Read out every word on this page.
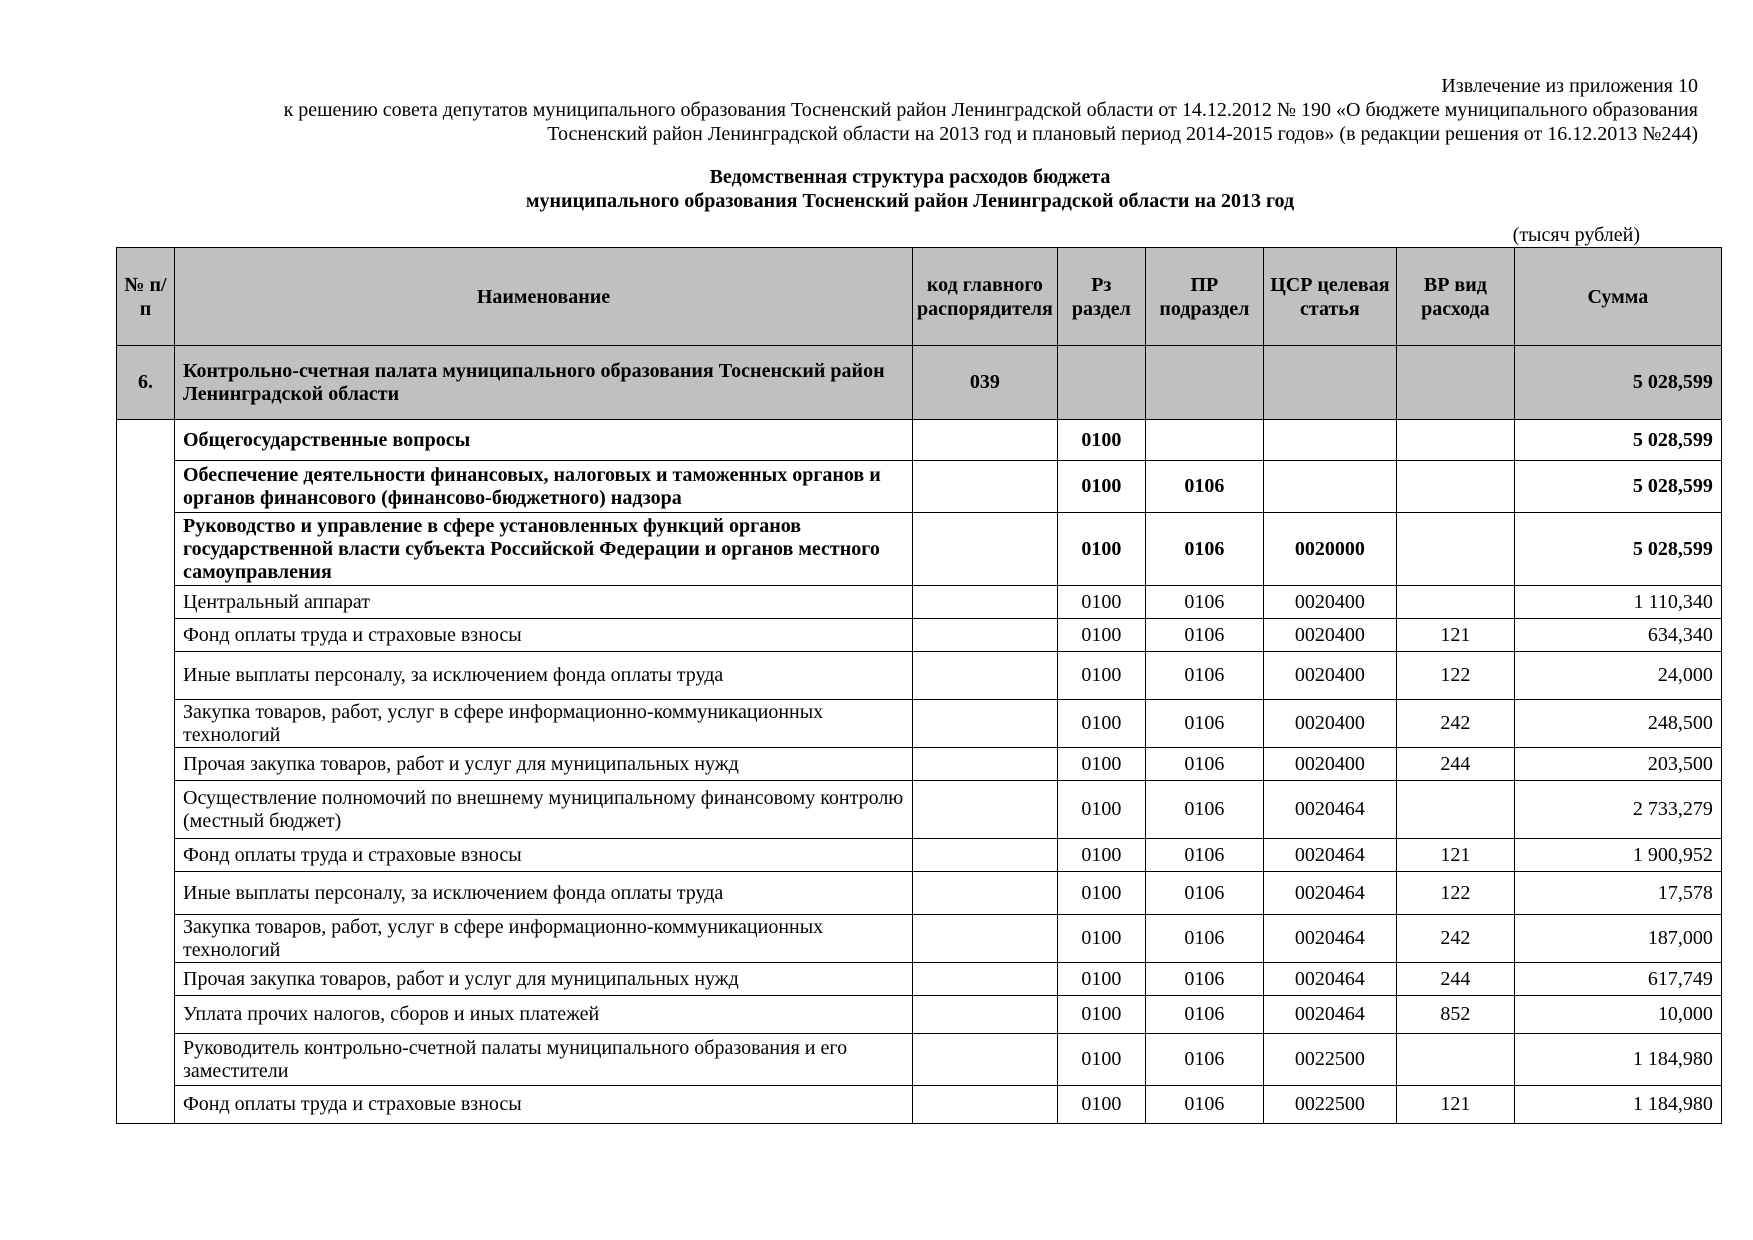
Извлечение из приложения 10
к решению совета депутатов муниципального образования Тосненский район Ленинградской области от 14.12.2012 № 190 «О бюджете муниципального образования
Тосненский район Ленинградской области на 2013 год и плановый период 2014-2015 годов» (в редакции решения от 16.12.2013 №244)
Ведомственная структура расходов бюджета
муниципального образования Тосненский район Ленинградской области на 2013 год
(тысяч рублей)
№ п/п	Наименование	код главного распорядителя	Рз раздел	ПР подраздел	ЦСР целевая статья	ВР вид расхода	Сумма
6.	Контрольно-счетная палата муниципального образования Тосненский район Ленинградской области	039					5 028,599
	Общегосударственные вопросы		0100				5 028,599
	Обеспечение деятельности финансовых, налоговых и таможенных органов и органов финансового (финансово-бюджетного) надзора		0100	0106			5 028,599
	Руководство и управление в сфере установленных функций органов государственной власти субъекта Российской Федерации и органов местного самоуправления		0100	0106	0020000		5 028,599
	Центральный аппарат		0100	0106	0020400		1 110,340
	Фонд оплаты труда и страховые взносы		0100	0106	0020400	121	634,340
	Иные выплаты персоналу, за исключением фонда оплаты труда		0100	0106	0020400	122	24,000
	Закупка товаров, работ, услуг в сфере информационно-коммуникационных технологий		0100	0106	0020400	242	248,500
	Прочая закупка товаров, работ и услуг для муниципальных нужд		0100	0106	0020400	244	203,500
	Осуществление полномочий по внешнему муниципальному финансовому контролю (местный бюджет)		0100	0106	0020464		2 733,279
	Фонд оплаты труда и страховые взносы		0100	0106	0020464	121	1 900,952
	Иные выплаты персоналу, за исключением фонда оплаты труда		0100	0106	0020464	122	17,578
	Закупка товаров, работ, услуг в сфере информационно-коммуникационных технологий		0100	0106	0020464	242	187,000
	Прочая закупка товаров, работ и услуг для муниципальных нужд		0100	0106	0020464	244	617,749
	Уплата прочих налогов, сборов и иных платежей		0100	0106	0020464	852	10,000
	Руководитель контрольно-счетной палаты муниципального образования и его заместители		0100	0106	0022500		1 184,980
	Фонд оплаты труда и страховые взносы		0100	0106	0022500	121	1 184,980
